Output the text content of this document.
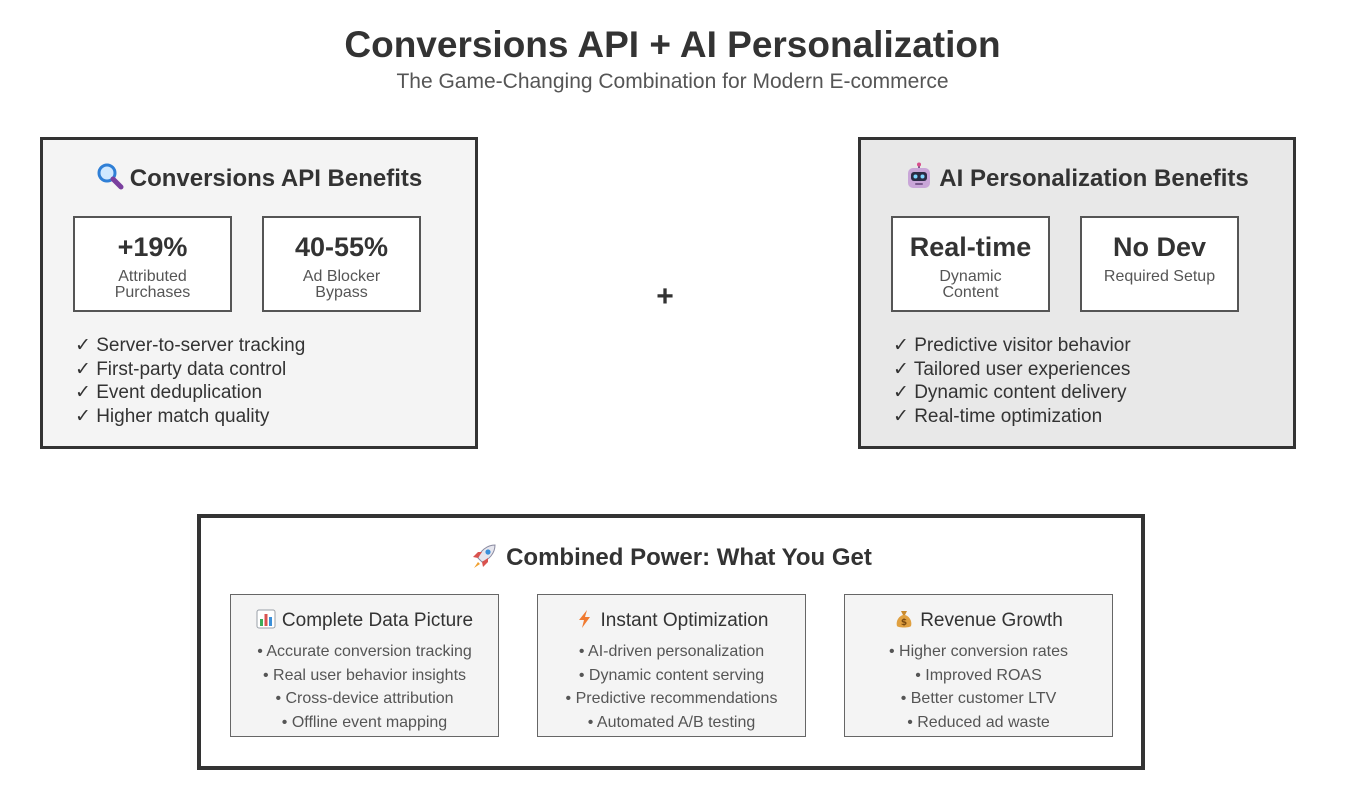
Conversions API + AI Personalization
The Game-Changing Combination for Modern E-commerce
Conversions API Benefits
+19%
Attributed Purchases
40-55%
Ad Blocker Bypass
✓ Server-to-server tracking
✓ First-party data control
✓ Event deduplication
✓ Higher match quality
+
AI Personalization Benefits
Real-time
Dynamic Content
No Dev
Required Setup
✓ Predictive visitor behavior
✓ Tailored user experiences
✓ Dynamic content delivery
✓ Real-time optimization
Combined Power: What You Get
Complete Data Picture
• Accurate conversion tracking
• Real user behavior insights
• Cross-device attribution
• Offline event mapping
Instant Optimization
• AI-driven personalization
• Dynamic content serving
• Predictive recommendations
• Automated A/B testing
$ Revenue Growth
• Higher conversion rates
• Improved ROAS
• Better customer LTV
• Reduced ad waste
